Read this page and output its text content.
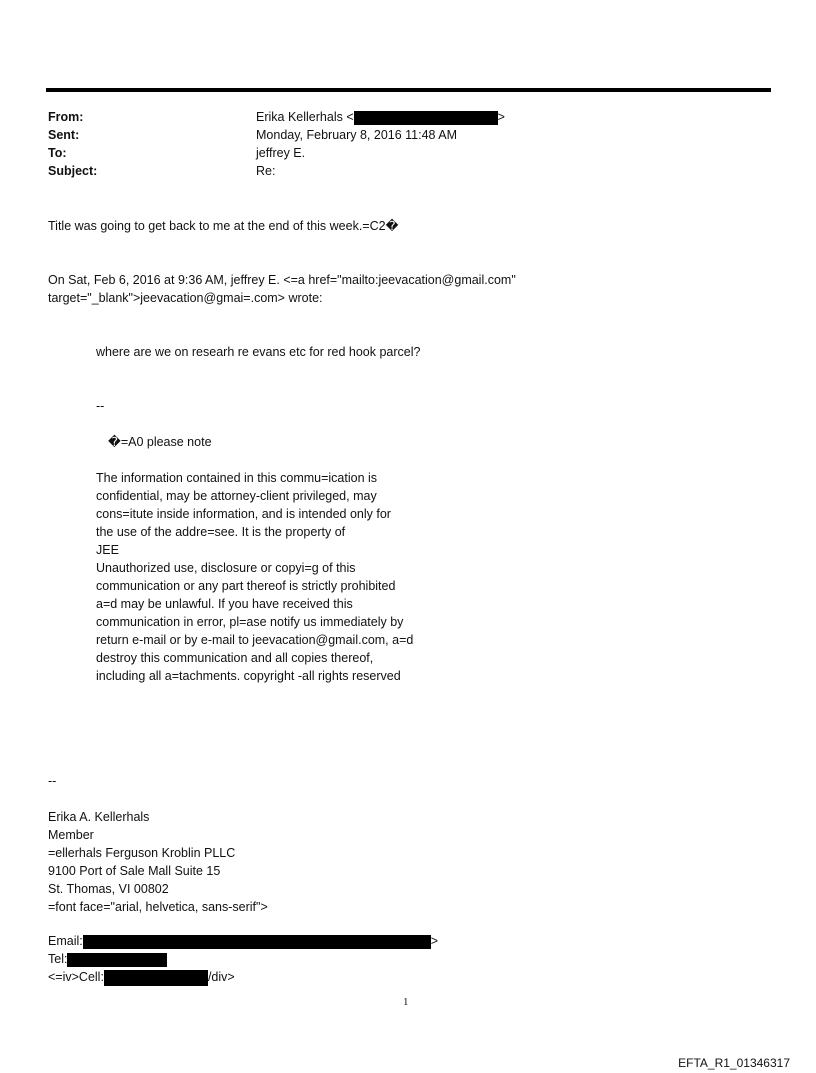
From:	Erika Kellerhals <	>
Sent:	Monday, February 8, 2016 11:48 AM
To:	jeffrey E.
Subject:	Re:
Title was going to get back to me at the end of this week.=C2�
On Sat, Feb 6, 2016 at 9:36 AM, jeffrey E. <=a href="mailto:jeevacation@gmail.com"
target="_blank">jeevacation@gmai=.com> wrote:
where are we on researh re evans etc for red hook parcel?
--
�=A0 please note
The information contained in this commu=ication is
confidential, may be attorney-client privileged, may
cons=itute inside information, and is intended only for
the use of the addre=see. It is the property of
JEE
Unauthorized use, disclosure or copyi=g of this
communication or any part thereof is strictly prohibited
a=d may be unlawful. If you have received this
communication in error, pl=ase notify us immediately by
return e-mail or by e-mail to jeevacation@gmail.com, a=d
destroy this communication and all copies thereof,
including all a=tachments. copyright -all rights reserved
--
Erika A. Kellerhals
Member
=ellerhals Ferguson Kroblin PLLC
9100 Port of Sale Mall Suite 15
St. Thomas, VI 00802
=font face="arial, helvetica, sans-serif">
Email:	>
Tel:
<=iv>Cell:	/div>
1
EFTA_R1_01346317
